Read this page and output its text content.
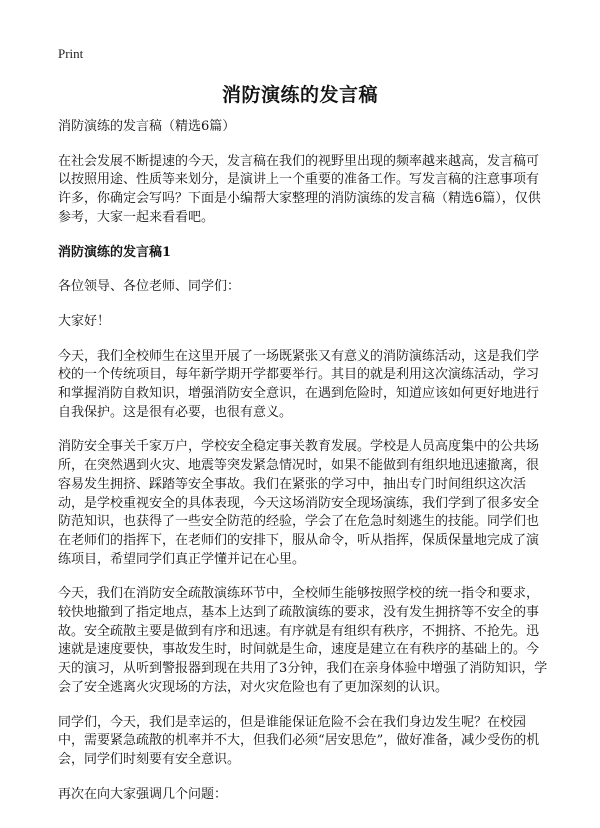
Print
消防演练的发言稿

消防演练的发言稿（精选6篇）

在社会发展不断提速的今天，发言稿在我们的视野里出现的频率越来越高，发言稿可以按照用途、性质等来划分，是演讲上一个重要的准备工作。写发言稿的注意事项有许多，你确定会写吗？下面是小编帮大家整理的消防演练的发言稿（精选6篇），仅供参考，大家一起来看看吧。

消防演练的发言稿1

各位领导、各位老师、同学们：

大家好！

今天，我们全校师生在这里开展了一场既紧张又有意义的消防演练活动，这是我们学校的一个传统项目，每年新学期开学都要举行。其目的就是利用这次演练活动，学习和掌握消防自救知识，增强消防安全意识，在遇到危险时，知道应该如何更好地进行自我保护。这是很有必要，也很有意义。

消防安全事关千家万户，学校安全稳定事关教育发展。学校是人员高度集中的公共场所，在突然遇到火灾、地震等突发紧急情况时，如果不能做到有组织地迅速撤离，很容易发生拥挤、踩踏等安全事故。我们在紧张的学习中，抽出专门时间组织这次活动，是学校重视安全的具体表现，今天这场消防安全现场演练，我们学到了很多安全防范知识，也获得了一些安全防范的经验，学会了在危急时刻逃生的技能。同学们也在老师们的指挥下，在老师们的安排下，服从命令，听从指挥，保质保量地完成了演练项目，希望同学们真正学懂并记在心里。

今天，我们在消防安全疏散演练环节中，全校师生能够按照学校的统一指令和要求，较快地撤到了指定地点，基本上达到了疏散演练的要求，没有发生拥挤等不安全的事故。安全疏散主要是做到有序和迅速。有序就是有组织有秩序，不拥挤、不抢先。迅速就是速度要快，事故发生时，时间就是生命，速度是建立在有秩序的基础上的。今天的演习，从听到警报器到现在共用了3分钟，我们在亲身体验中增强了消防知识，学会了安全逃离火灾现场的方法，对火灾危险也有了更加深刻的认识。

同学们，今天，我们是幸运的，但是谁能保证危险不会在我们身边发生呢？在校园中，需要紧急疏散的机率并不大，但我们必须“居安思危”，做好准备，减少受伤的机会，同学们时刻要有安全意识。

再次在向大家强调几个问题：
